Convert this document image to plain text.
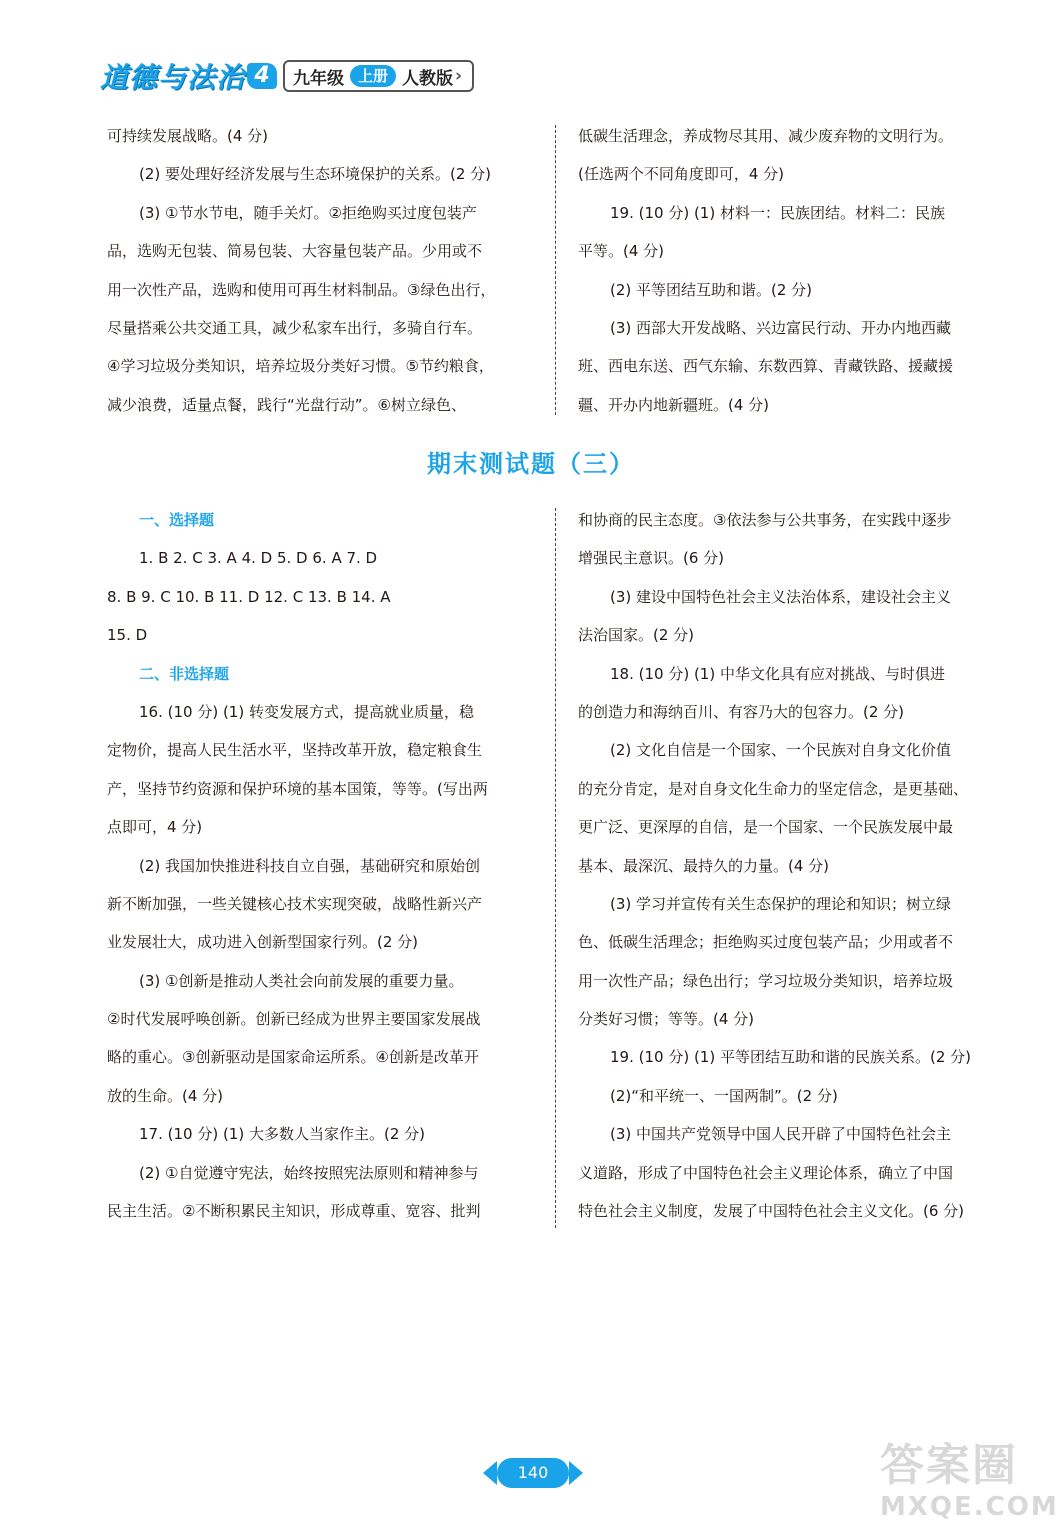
道德与法治 4	九年级 上册 人教版 ›

可持续发展战略。(4 分)

(2) 要处理好经济发展与生态环境保护的关系。(2 分)

(3) ①节水节电，随手关灯。②拒绝购买过度包装产

品，选购无包装、简易包装、大容量包装产品。少用或不

用一次性产品，选购和使用可再生材料制品。③绿色出行，

尽量搭乘公共交通工具，减少私家车出行，多骑自行车。

④学习垃圾分类知识，培养垃圾分类好习惯。⑤节约粮食，

减少浪费，适量点餐，践行“光盘行动”。⑥树立绿色、

低碳生活理念，养成物尽其用、减少废弃物的文明行为。

(任选两个不同角度即可，4 分)

19. (10 分) (1) 材料一：民族团结。材料二：民族

平等。(4 分)

(2) 平等团结互助和谐。(2 分)

(3) 西部大开发战略、兴边富民行动、开办内地西藏

班、西电东送、西气东输、东数西算、青藏铁路、援藏援

疆、开办内地新疆班。(4 分)

期末测试题（三）

一、选择题

1. B 2. C 3. A 4. D 5. D 6. A 7. D

8. B 9. C 10. B 11. D 12. C 13. B 14. A

15. D

二、非选择题

16. (10 分) (1) 转变发展方式，提高就业质量，稳

定物价，提高人民生活水平，坚持改革开放，稳定粮食生

产，坚持节约资源和保护环境的基本国策，等等。(写出两

点即可，4 分)

(2) 我国加快推进科技自立自强，基础研究和原始创

新不断加强，一些关键核心技术实现突破，战略性新兴产

业发展壮大，成功进入创新型国家行列。(2 分)

(3) ①创新是推动人类社会向前发展的重要力量。

②时代发展呼唤创新。创新已经成为世界主要国家发展战

略的重心。③创新驱动是国家命运所系。④创新是改革开

放的生命。(4 分)

17. (10 分) (1) 大多数人当家作主。(2 分)

(2) ①自觉遵守宪法，始终按照宪法原则和精神参与

民主生活。②不断积累民主知识，形成尊重、宽容、批判

和协商的民主态度。③依法参与公共事务，在实践中逐步

增强民主意识。(6 分)

(3) 建设中国特色社会主义法治体系，建设社会主义

法治国家。(2 分)

18. (10 分) (1) 中华文化具有应对挑战、与时俱进

的创造力和海纳百川、有容乃大的包容力。(2 分)

(2) 文化自信是一个国家、一个民族对自身文化价值

的充分肯定，是对自身文化生命力的坚定信念，是更基础、

更广泛、更深厚的自信，是一个国家、一个民族发展中最

基本、最深沉、最持久的力量。(4 分)

(3) 学习并宣传有关生态保护的理论和知识；树立绿

色、低碳生活理念；拒绝购买过度包装产品；少用或者不

用一次性产品；绿色出行；学习垃圾分类知识，培养垃圾

分类好习惯；等等。(4 分)

19. (10 分) (1) 平等团结互助和谐的民族关系。(2 分)

(2)“和平统一、一国两制”。(2 分)

(3) 中国共产党领导中国人民开辟了中国特色社会主

义道路，形成了中国特色社会主义理论体系，确立了中国

特色社会主义制度，发展了中国特色社会主义文化。(6 分)

140	答案圈
MXQE.COM
